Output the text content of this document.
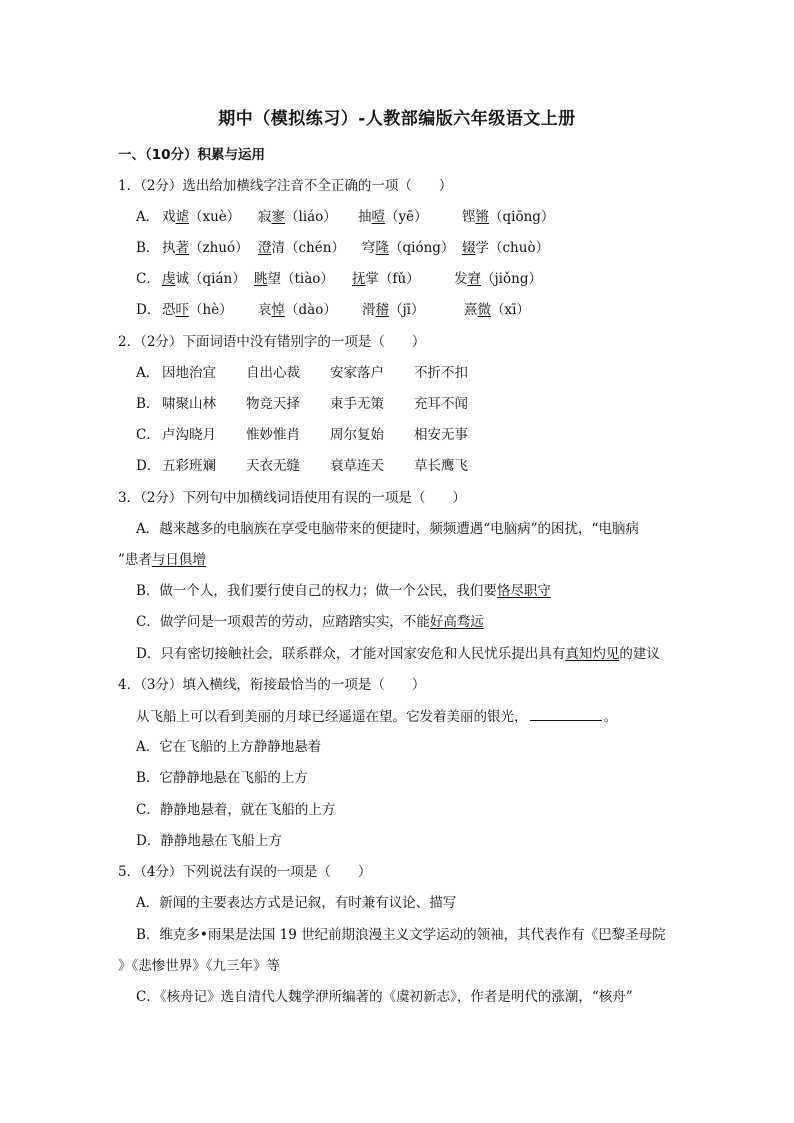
期中（模拟练习）-人教部编版六年级语文上册
一、（10分）积累与运用
1．（2分）选出给加横线字注音不全正确的一项（　　）
A． 戏谑（xuè） 寂寥（liáo） 抽噎（yē）	铿锵（qiōng）
B． 执著（zhuó） 澄清（chén） 穹隆（qióng） 辍学（chuò）
C． 虔诚（qián） 眺望（tiào） 抚掌（fǔ）	发窘（jiǒng）
D． 恐吓（hè） 哀悼（dào） 滑稽（jī）	熹微（xī）
2．（2分）下面词语中没有错别字的一项是（　　）
A． 因地治宜 自出心裁 安家落户 不折不扣
B． 啸聚山林 物竞天择 束手无策 充耳不闻
C． 卢沟晓月 惟妙惟肖 周尔复始 相安无事
D． 五彩班斓 天衣无缝 衰草连天 草长鹰飞
3．（2分）下列句中加横线词语使用有误的一项是（　　）
A．越来越多的电脑族在享受电脑带来的便捷时，频频遭遇“电脑病”的困扰，“电脑病
”患者与日俱增
B．做一个人，我们要行使自己的权力；做一个公民，我们要恪尽职守
C．做学问是一项艰苦的劳动，应踏踏实实，不能好高骛远
D．只有密切接触社会，联系群众，才能对国家安危和人民忧乐提出具有真知灼见的建议
4．（3分）填入横线，衔接最恰当的一项是（　　）
从飞船上可以看到美丽的月球已经遥遥在望。它发着美丽的银光，	。
A．它在飞船的上方静静地悬着
B．它静静地悬在飞船的上方
C．静静地悬着，就在飞船的上方
D．静静地悬在飞船上方
5．（4分）下列说法有误的一项是（　　）
A．新闻的主要表达方式是记叙，有时兼有议论、描写
B．维克多•雨果是法国 19 世纪前期浪漫主义文学运动的领袖，其代表作有《巴黎圣母院
》《悲惨世界》《九三年》等
C．《核舟记》选自清代人魏学洢所编著的《虞初新志》，作者是明代的涨潮，“核舟”
